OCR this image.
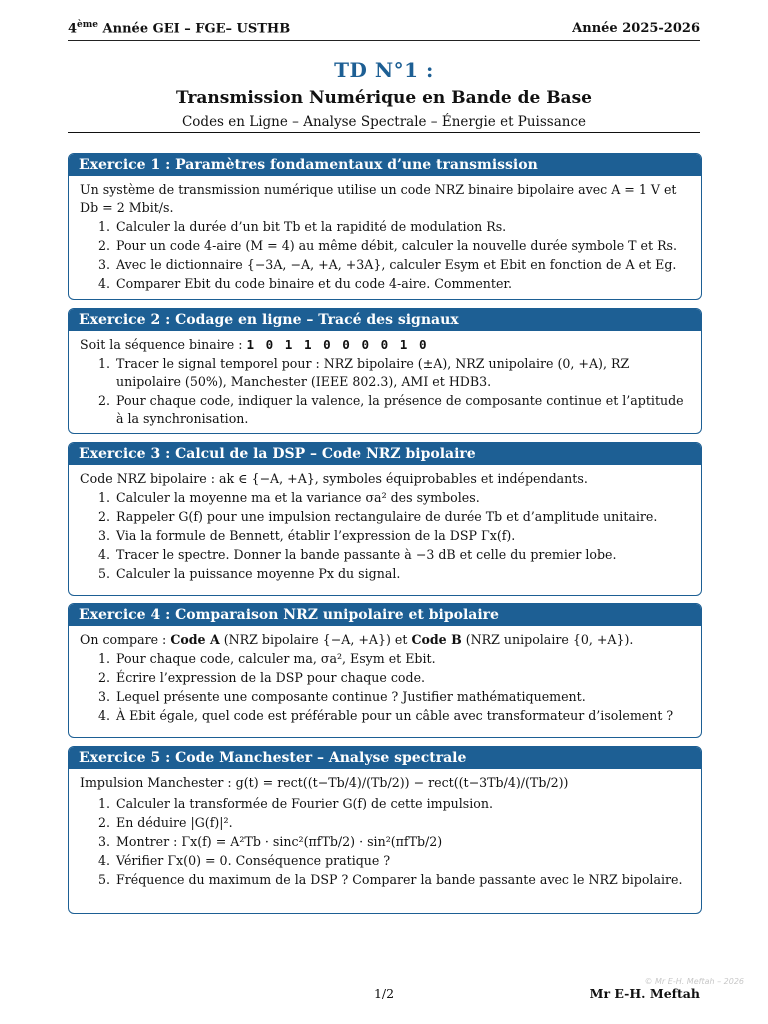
4ème Année GEI – FGE– USTHB	Année 2025-2026
TD N°1 :
Transmission Numérique en Bande de Base
Codes en Ligne – Analyse Spectrale – Énergie et Puissance
Exercice 1 : Paramètres fondamentaux d’une transmission

Un système de transmission numérique utilise un code NRZ binaire bipolaire avec A = 1 V et Db = 2 Mbit/s.

1. Calculer la durée d’un bit Tb et la rapidité de modulation Rs.
2. Pour un code 4-aire (M = 4) au même débit, calculer la nouvelle durée symbole T et Rs.
3. Avec le dictionnaire {−3A, −A, +A, +3A}, calculer Esym et Ebit en fonction de A et Eg.
4. Comparer Ebit du code binaire et du code 4-aire. Commenter.
Exercice 2 : Codage en ligne – Tracé des signaux

Soit la séquence binaire : 1 0 1 1 0 0 0 0 1 0

1. Tracer le signal temporel pour : NRZ bipolaire (±A), NRZ unipolaire (0, +A), RZ unipolaire (50%), Manchester (IEEE 802.3), AMI et HDB3.
2. Pour chaque code, indiquer la valence, la présence de composante continue et l’aptitude à la synchronisation.
Exercice 3 : Calcul de la DSP – Code NRZ bipolaire

Code NRZ bipolaire : ak ∈ {−A, +A}, symboles équiprobables et indépendants.

1. Calculer la moyenne ma et la variance σa² des symboles.
2. Rappeler G(f) pour une impulsion rectangulaire de durée Tb et d’amplitude unitaire.
3. Via la formule de Bennett, établir l’expression de la DSP Γx(f).
4. Tracer le spectre. Donner la bande passante à −3 dB et celle du premier lobe.
5. Calculer la puissance moyenne Px du signal.
Exercice 4 : Comparaison NRZ unipolaire et bipolaire

On compare : Code A (NRZ bipolaire {−A, +A}) et Code B (NRZ unipolaire {0, +A}).

1. Pour chaque code, calculer ma, σa², Esym et Ebit.
2. Écrire l’expression de la DSP pour chaque code.
3. Lequel présente une composante continue ? Justifier mathématiquement.
4. À Ebit égale, quel code est préférable pour un câble avec transformateur d’isolement ?
Exercice 5 : Code Manchester – Analyse spectrale

Impulsion Manchester : g(t) = rect((t−Tb/4)/(Tb/2)) − rect((t−3Tb/4)/(Tb/2))

1. Calculer la transformée de Fourier G(f) de cette impulsion.
2. En déduire |G(f)|².
3. Montrer : Γx(f) = A²Tb · sinc²(πfTb/2) · sin²(πfTb/2)
4. Vérifier Γx(0) = 0. Conséquence pratique ?
5. Fréquence du maximum de la DSP ? Comparer la bande passante avec le NRZ bipolaire.
© Mr E-H. Meftah – 2026
1/2	Mr E-H. Meftah
